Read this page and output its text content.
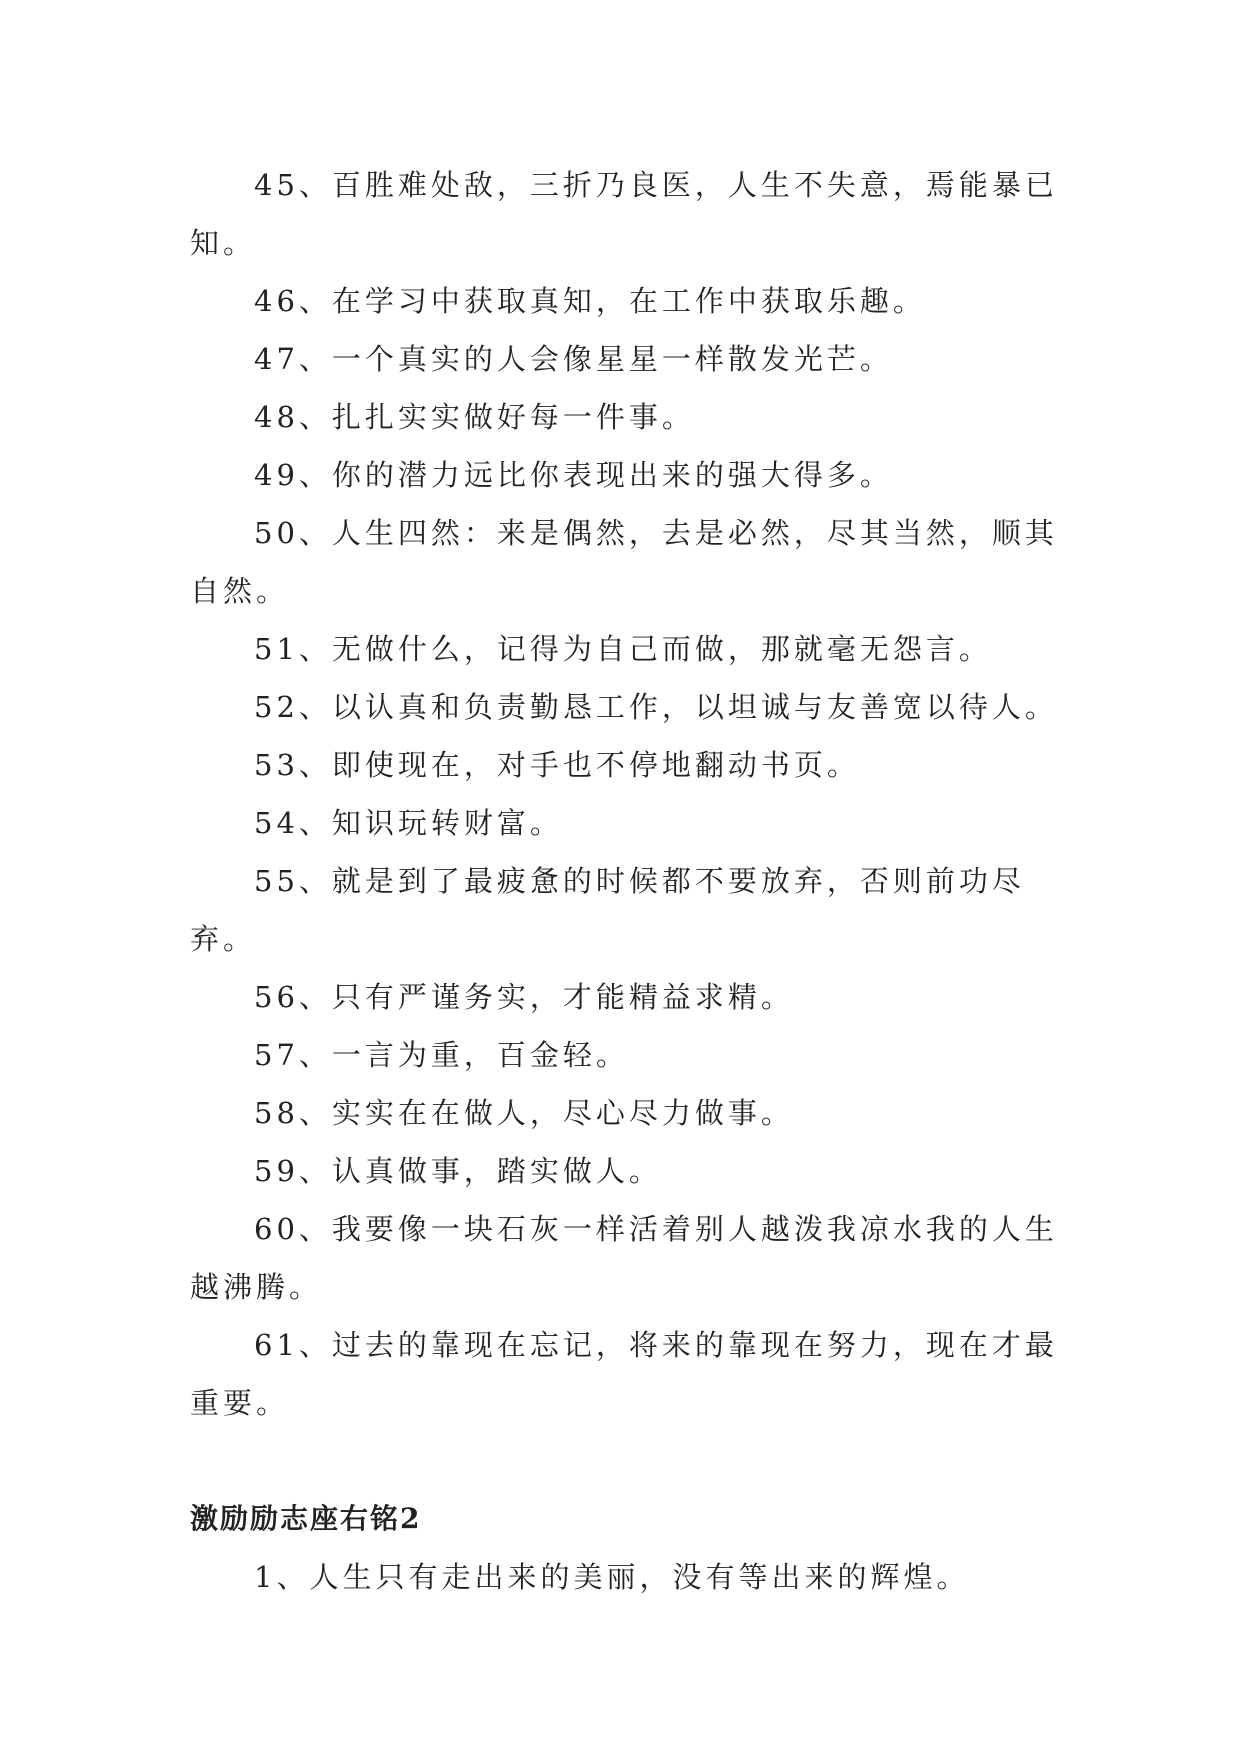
45、百胜难处敌，三折乃良医，人生不失意，焉能暴已知。

46、在学习中获取真知，在工作中获取乐趣。

47、一个真实的人会像星星一样散发光芒。

48、扎扎实实做好每一件事。

49、你的潜力远比你表现出来的强大得多。

50、人生四然：来是偶然，去是必然，尽其当然，顺其自然。

51、无做什么，记得为自己而做，那就毫无怨言。

52、以认真和负责勤恳工作，以坦诚与友善宽以待人。

53、即使现在，对手也不停地翻动书页。

54、知识玩转财富。

55、就是到了最疲惫的时候都不要放弃，否则前功尽弃。

56、只有严谨务实，才能精益求精。

57、一言为重，百金轻。

58、实实在在做人，尽心尽力做事。

59、认真做事，踏实做人。

60、我要像一块石灰一样活着别人越泼我凉水我的人生越沸腾。

61、过去的靠现在忘记，将来的靠现在努力，现在才最重要。

激励励志座右铭2

1、人生只有走出来的美丽，没有等出来的辉煌。
